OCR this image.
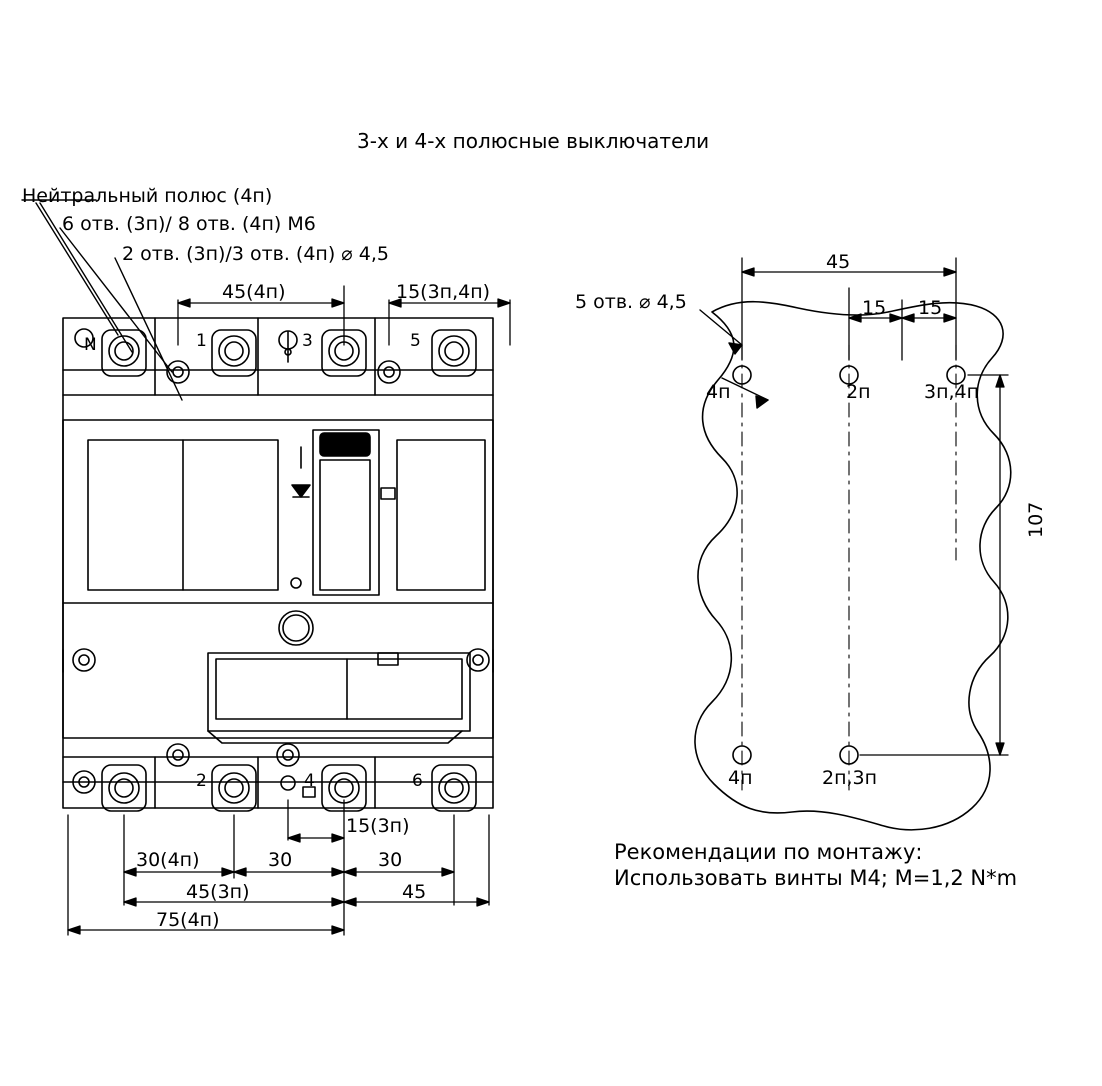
3-х и 4-х полюсные выключатели
Нейтральный полюс (4п)
6 отв. (3п)/ 8 отв. (4п) М6
2 отв. (3п)/3 отв. (4п) ⌀ 4,5
45(4п)	15(3п,4п)
N	1	3	5
2	4	6
15(3п)
30(4п)	30	30
45(3п)	45
75(4п)
5 отв. ⌀ 4,5
45
15 15
107
4п	2п	3п,4п
4п	2п,3п
Рекомендации по монтажу:
Использовать винты М4; М=1,2 N*m
